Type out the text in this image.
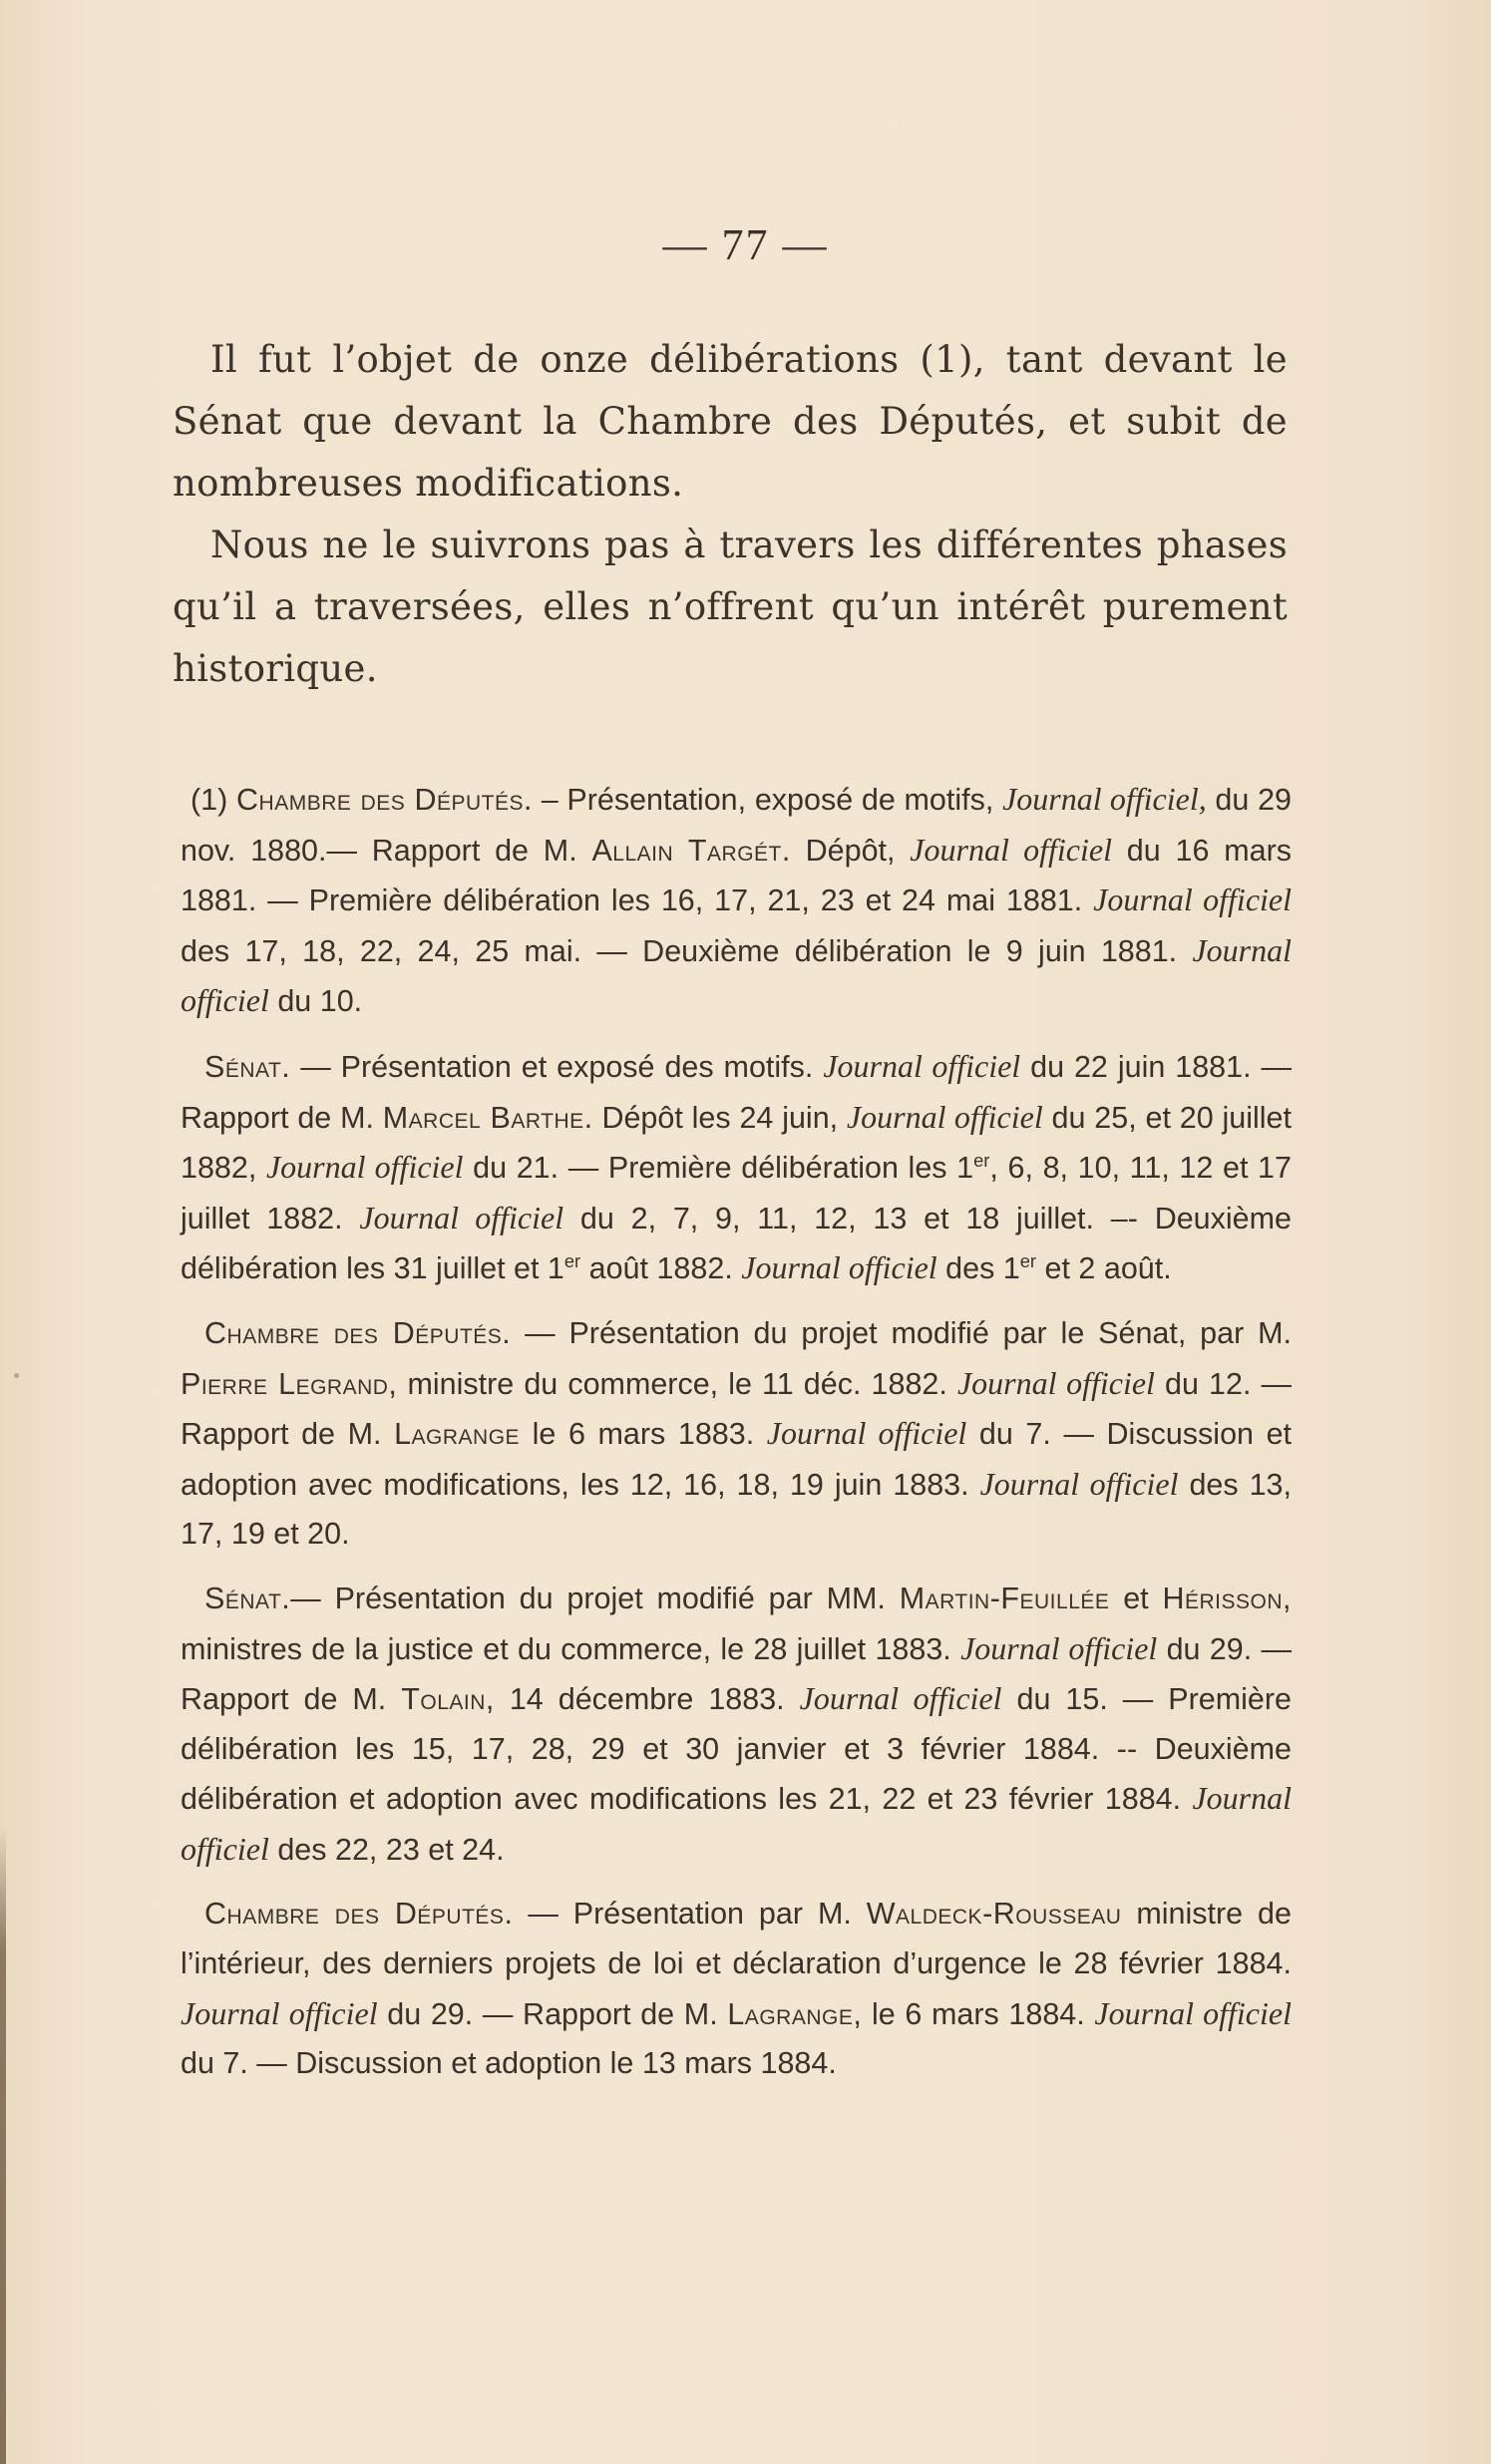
— 77 —

Il fut l’objet de onze délibérations (1), tant devant le Sénat que devant la Chambre des Députés, et subit de nombreuses modifications.

Nous ne le suivrons pas à travers les différentes phases qu’il a traversées, elles n’offrent qu’un intérêt purement historique.

(1) Chambre des Députés. – Présentation, exposé de motifs, Journal officiel, du 29 nov. 1880.— Rapport de M. Allain Targét. Dépôt, Journal officiel du 16 mars 1881. — Première délibération les 16, 17, 21, 23 et 24 mai 1881. Journal officiel des 17, 18, 22, 24, 25 mai. — Deuxième délibération le 9 juin 1881. Journal officiel du 10.

Sénat. — Présentation et exposé des motifs. Journal officiel du 22 juin 1881. — Rapport de M. Marcel Barthe. Dépôt les 24 juin, Journal officiel du 25, et 20 juillet 1882, Journal officiel du 21. — Première délibération les 1er, 6, 8, 10, 11, 12 et 17 juillet 1882. Journal officiel du 2, 7, 9, 11, 12, 13 et 18 juillet. –- Deuxième délibération les 31 juillet et 1er août 1882. Journal officiel des 1er et 2 août.

Chambre des Députés. — Présentation du projet modifié par le Sénat, par M. Pierre Legrand, ministre du commerce, le 11 déc. 1882. Journal officiel du 12. — Rapport de M. Lagrange le 6 mars 1883. Journal officiel du 7. — Discussion et adoption avec modifications, les 12, 16, 18, 19 juin 1883. Journal officiel des 13, 17, 19 et 20.

Sénat.— Présentation du projet modifié par MM. Martin-Feuillée et Hérisson, ministres de la justice et du commerce, le 28 juillet 1883. Journal officiel du 29. — Rapport de M. Tolain, 14 décembre 1883. Journal officiel du 15. — Première délibération les 15, 17, 28, 29 et 30 janvier et 3 février 1884. -- Deuxième délibération et adoption avec modifications les 21, 22 et 23 février 1884. Journal officiel des 22, 23 et 24.

Chambre des Députés. — Présentation par M. Waldeck-Rousseau ministre de l’intérieur, des derniers projets de loi et déclaration d’urgence le 28 février 1884. Journal officiel du 29. — Rapport de M. Lagrange, le 6 mars 1884. Journal officiel du 7. — Discussion et adoption le 13 mars 1884.
